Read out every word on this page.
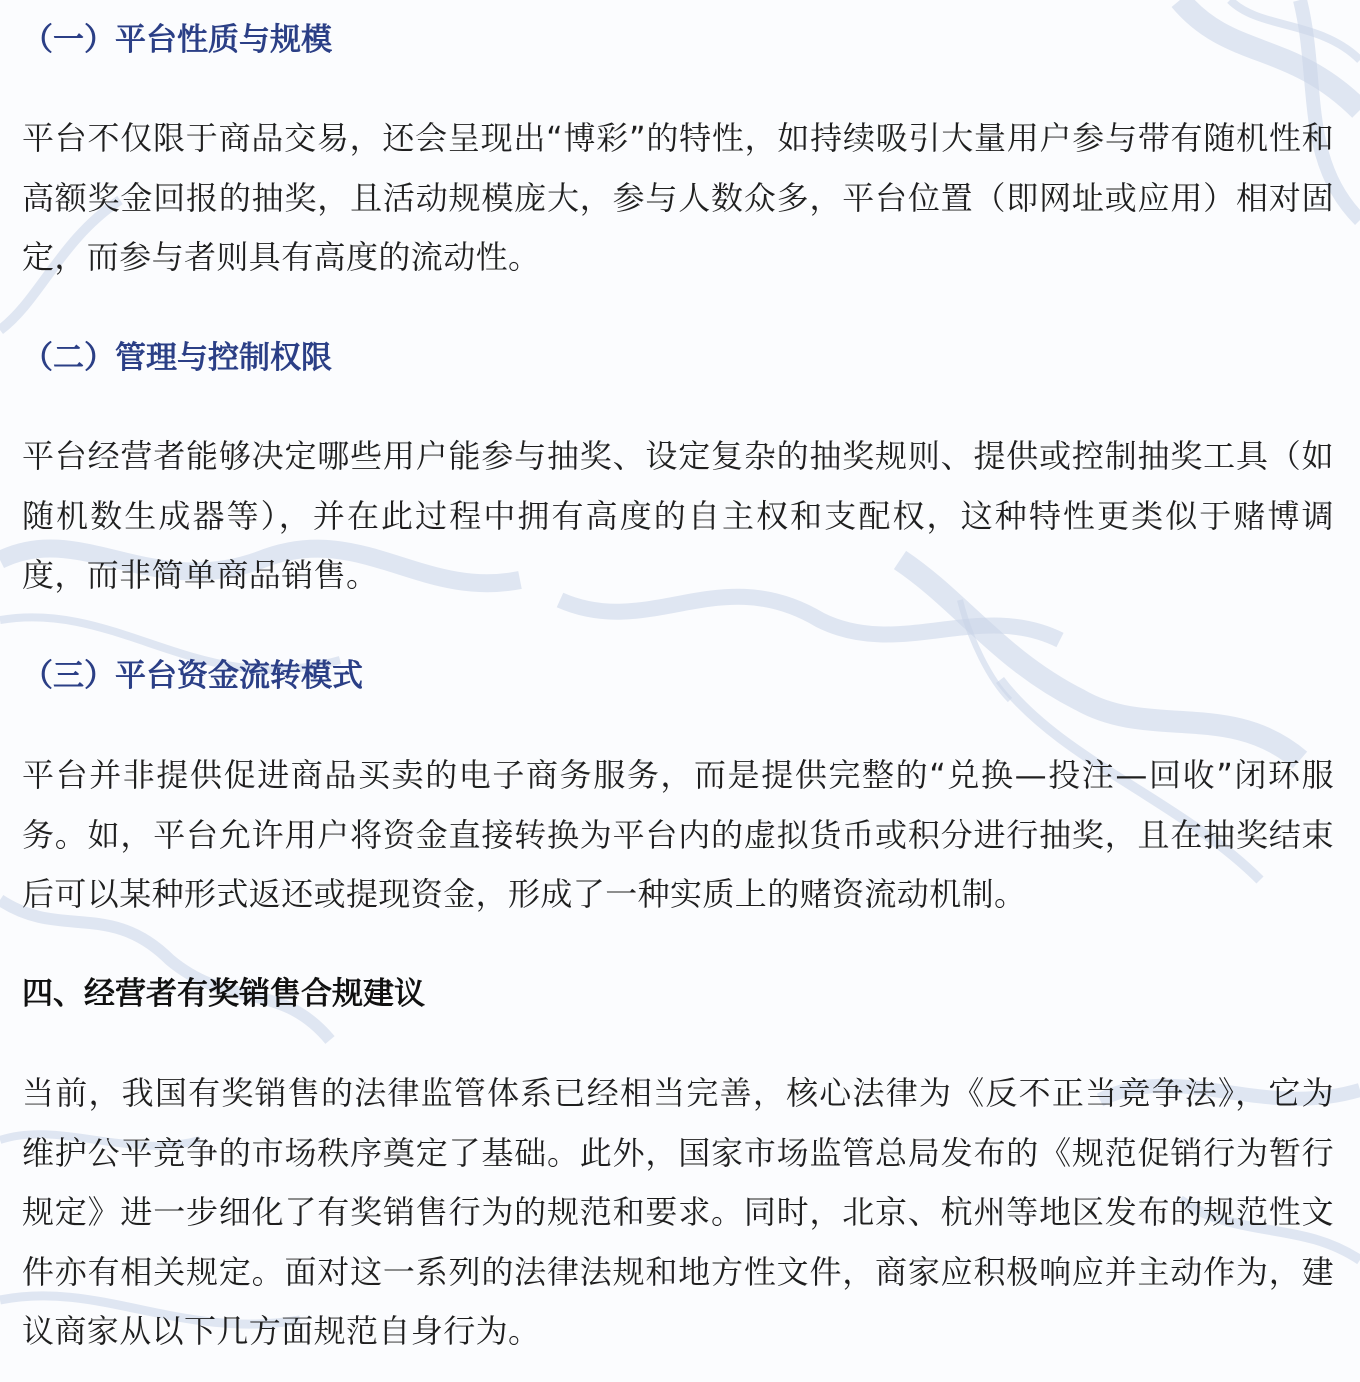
（一）平台性质与规模

平台不仅限于商品交易，还会呈现出“博彩”的特性，如持续吸引大量用户参与带有随机性和高额奖金回报的抽奖，且活动规模庞大，参与人数众多，平台位置（即网址或应用）相对固定，而参与者则具有高度的流动性。

（二）管理与控制权限

平台经营者能够决定哪些用户能参与抽奖、设定复杂的抽奖规则、提供或控制抽奖工具（如随机数生成器等），并在此过程中拥有高度的自主权和支配权，这种特性更类似于赌博调度，而非简单商品销售。

（三）平台资金流转模式

平台并非提供促进商品买卖的电子商务服务，而是提供完整的“兑换—投注—回收”闭环服务。如，平台允许用户将资金直接转换为平台内的虚拟货币或积分进行抽奖，且在抽奖结束后可以某种形式返还或提现资金，形成了一种实质上的赌资流动机制。

四、经营者有奖销售合规建议

当前，我国有奖销售的法律监管体系已经相当完善，核心法律为《反不正当竞争法》，它为维护公平竞争的市场秩序奠定了基础。此外，国家市场监管总局发布的《规范促销行为暂行规定》进一步细化了有奖销售行为的规范和要求。同时，北京、杭州等地区发布的规范性文件亦有相关规定。面对这一系列的法律法规和地方性文件，商家应积极响应并主动作为，建议商家从以下几方面规范自身行为。
